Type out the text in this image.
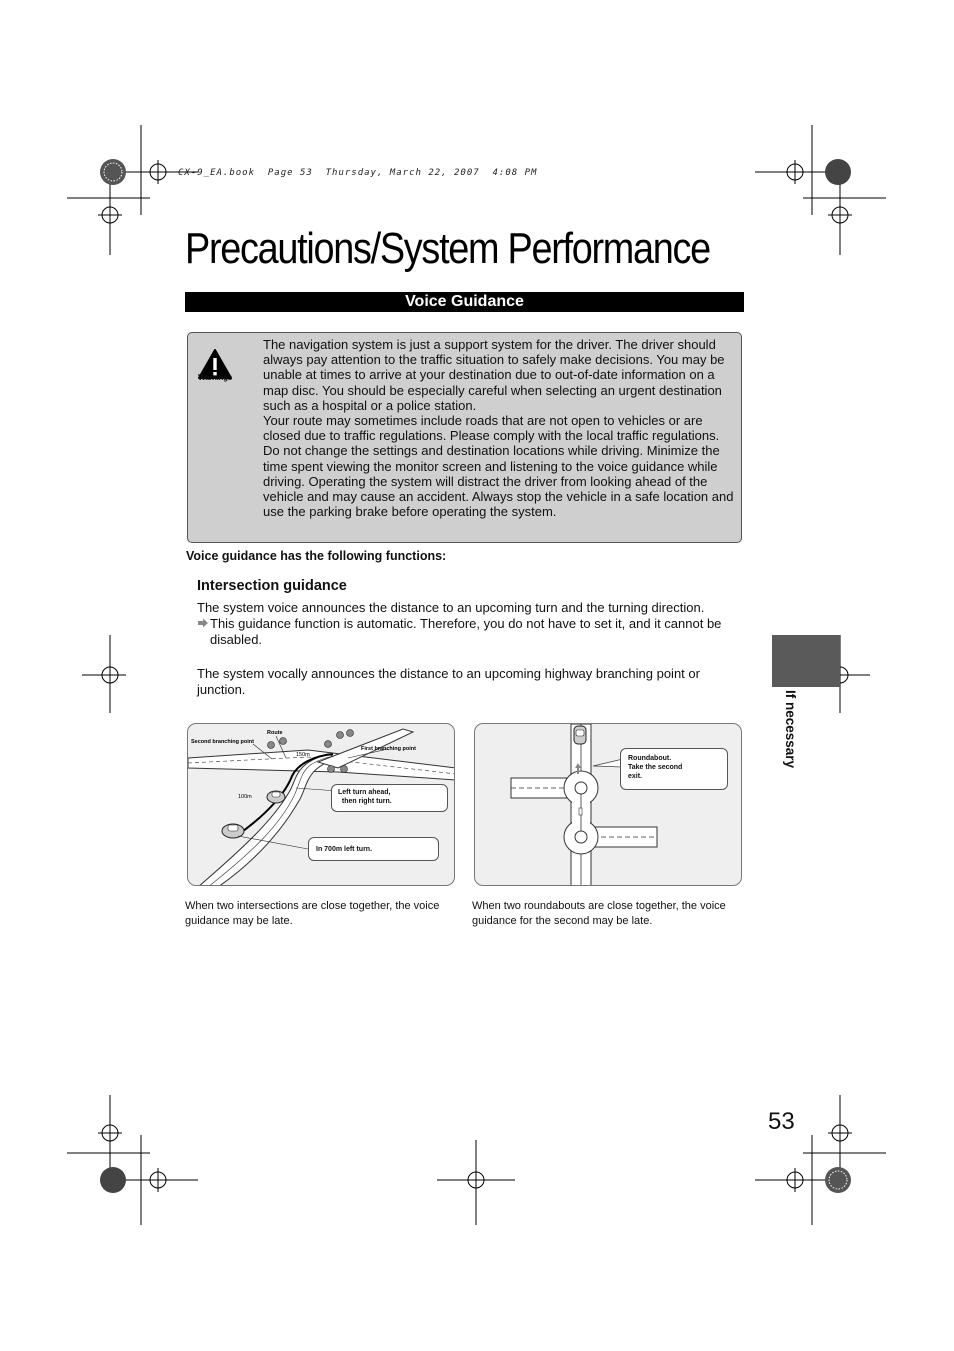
CX-9_EA.book  Page 53  Thursday, March 22, 2007  4:08 PM
Precautions/System Performance
Voice Guidance
Warnings

The navigation system is just a support system for the driver. The driver should always pay attention to the traffic situation to safely make decisions. You may be unable at times to arrive at your destination due to out-of-date information on a map disc. You should be especially careful when selecting an urgent destination such as a hospital or a police station.

Your route may sometimes include roads that are not open to vehicles or are closed due to traffic regulations. Please comply with the local traffic regulations.

Do not change the settings and destination locations while driving. Minimize the time spent viewing the monitor screen and listening to the voice guidance while driving. Operating the system will distract the driver from looking ahead of the vehicle and may cause an accident. Always stop the vehicle in a safe location and use the parking brake before operating the system.

Voice guidance has the following functions:
Intersection guidance
The system voice announces the distance to an upcoming turn and the turning direction.
This guidance function is automatic. Therefore, you do not have to set it, and it cannot be disabled.
The system vocally announces the distance to an upcoming highway branching point or junction.
Route
Second branching point
First branching point
150m
100m
Left turn ahead,
then right turn.
In 700m left turn.
Roundabout.
Take the second
exit.
When two intersections are close together, the voice guidance may be late.
When two roundabouts are close together, the voice guidance for the second may be late.
If necessary
53
